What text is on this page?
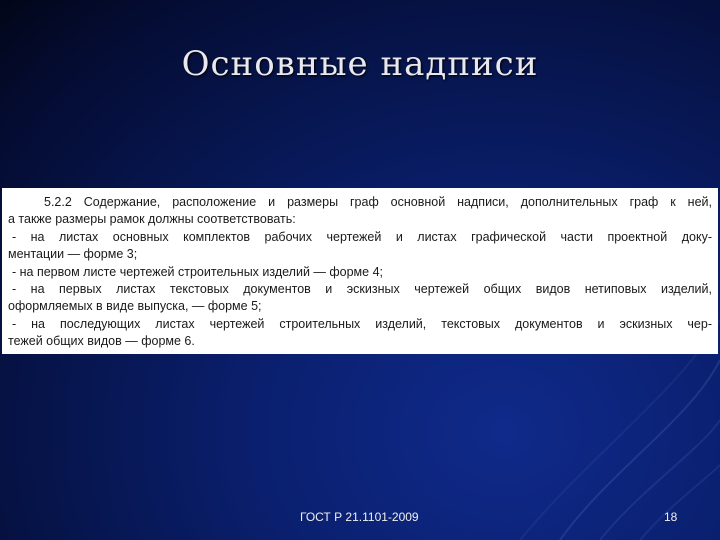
Основные надписи

5.2.2 Содержание, расположение и размеры граф основной надписи, дополнительных граф к ней,

а также размеры рамок должны соответствовать:

- на листах основных комплектов рабочих чертежей и листах графической части проектной доку-

ментации — форме 3;

- на первом листе чертежей строительных изделий — форме 4;

- на первых листах текстовых документов и эскизных чертежей общих видов нетиповых изделий,

оформляемых в виде выпуска, — форме 5;

- на последующих листах чертежей строительных изделий, текстовых документов и эскизных чер-

тежей общих видов — форме 6.

ГОСТ Р 21.1101-2009	18
